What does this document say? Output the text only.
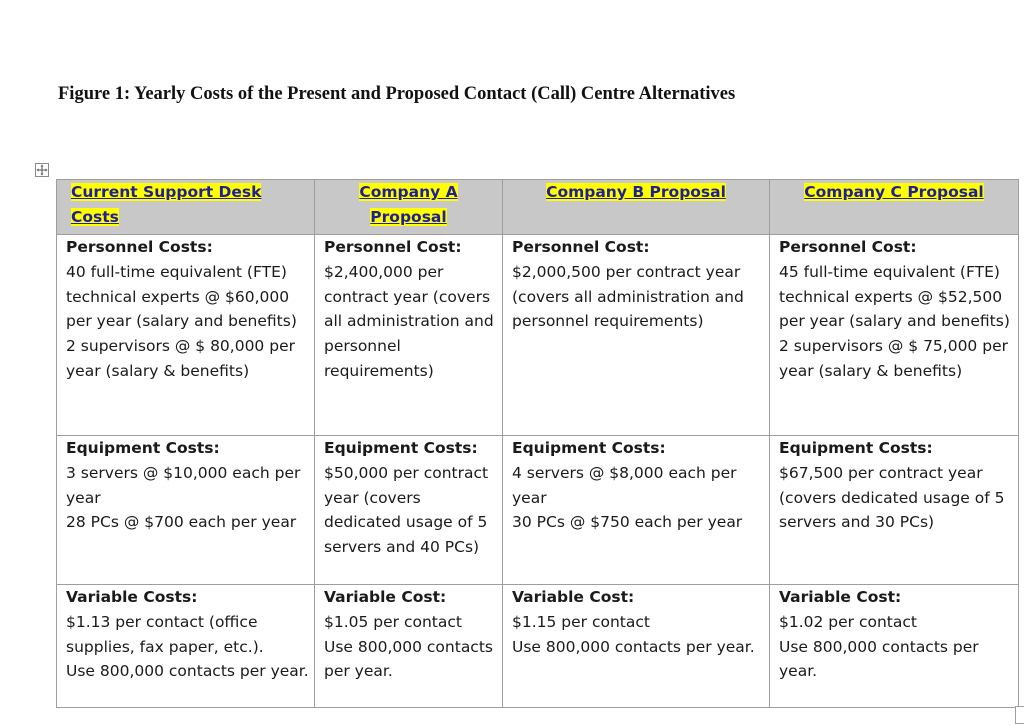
Figure 1: Yearly Costs of the Present and Proposed Contact (Call) Centre Alternatives
Current Support Desk Costs	Company A Proposal	Company B Proposal	Company C Proposal

Personnel Costs:
40 full-time equivalent (FTE) technical experts @ $60,000 per year (salary and benefits)
2 supervisors @ $ 80,000 per year (salary & benefits)	Personnel Cost:
$2,400,000 per contract year (covers all administration and personnel requirements)	Personnel Cost:
$2,000,500 per contract year (covers all administration and personnel requirements)	Personnel Cost:
45 full-time equivalent (FTE) technical experts @ $52,500 per year (salary and benefits)
2 supervisors @ $ 75,000 per year (salary & benefits)

Equipment Costs:
3 servers @ $10,000 each per year
28 PCs @ $700 each per year	Equipment Costs:
$50,000 per contract year (covers dedicated usage of 5 servers and 40 PCs)	Equipment Costs:
4 servers @ $8,000 each per year
30 PCs @ $750 each per year	Equipment Costs:
$67,500 per contract year (covers dedicated usage of 5 servers and 30 PCs)

Variable Costs:
$1.13 per contact (office supplies, fax paper, etc.).
Use 800,000 contacts per year.	Variable Cost:
$1.05 per contact
Use 800,000 contacts per year.	Variable Cost:
$1.15 per contact
Use 800,000 contacts per year.	Variable Cost:
$1.02 per contact
Use 800,000 contacts per year.
